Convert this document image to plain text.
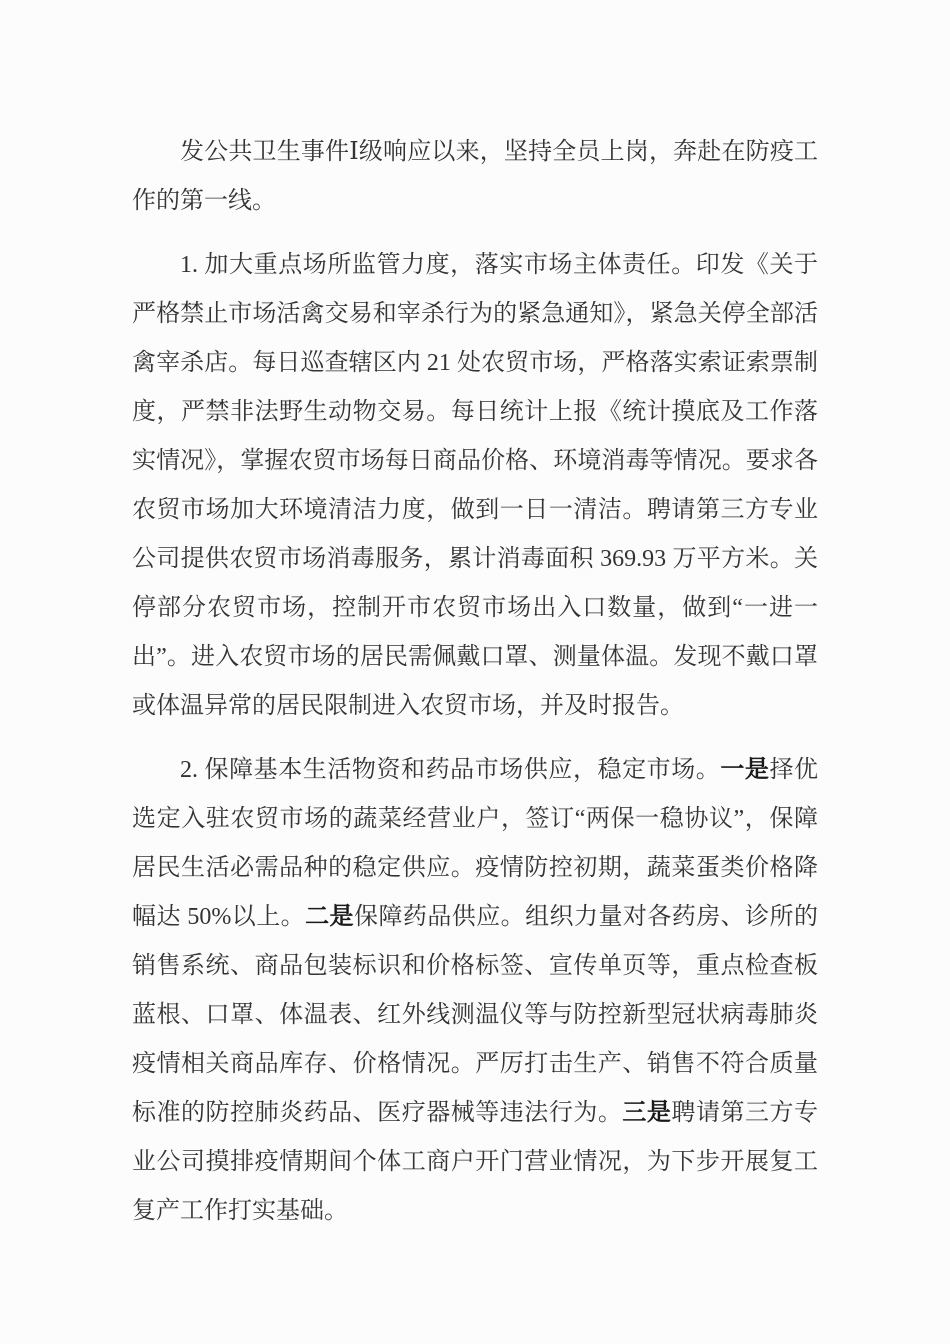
发公共卫生事件Ⅰ级响应以来，坚持全员上岗，奔赴在防疫工作的第一线。

1. 加大重点场所监管力度，落实市场主体责任。印发《关于严格禁止市场活禽交易和宰杀行为的紧急通知》，紧急关停全部活禽宰杀店。每日巡查辖区内 21 处农贸市场，严格落实索证索票制度，严禁非法野生动物交易。每日统计上报《统计摸底及工作落实情况》，掌握农贸市场每日商品价格、环境消毒等情况。要求各农贸市场加大环境清洁力度，做到一日一清洁。聘请第三方专业公司提供农贸市场消毒服务，累计消毒面积 369.93 万平方米。关停部分农贸市场，控制开市农贸市场出入口数量，做到“一进一出”。进入农贸市场的居民需佩戴口罩、测量体温。发现不戴口罩或体温异常的居民限制进入农贸市场，并及时报告。

2. 保障基本生活物资和药品市场供应，稳定市场。一是择优选定入驻农贸市场的蔬菜经营业户，签订“两保一稳协议”，保障居民生活必需品种的稳定供应。疫情防控初期，蔬菜蛋类价格降幅达 50%以上。二是保障药品供应。组织力量对各药房、诊所的销售系统、商品包装标识和价格标签、宣传单页等，重点检查板蓝根、口罩、体温表、红外线测温仪等与防控新型冠状病毒肺炎疫情相关商品库存、价格情况。严厉打击生产、销售不符合质量标准的防控肺炎药品、医疗器械等违法行为。三是聘请第三方专业公司摸排疫情期间个体工商户开门营业情况，为下步开展复工复产工作打实基础。
